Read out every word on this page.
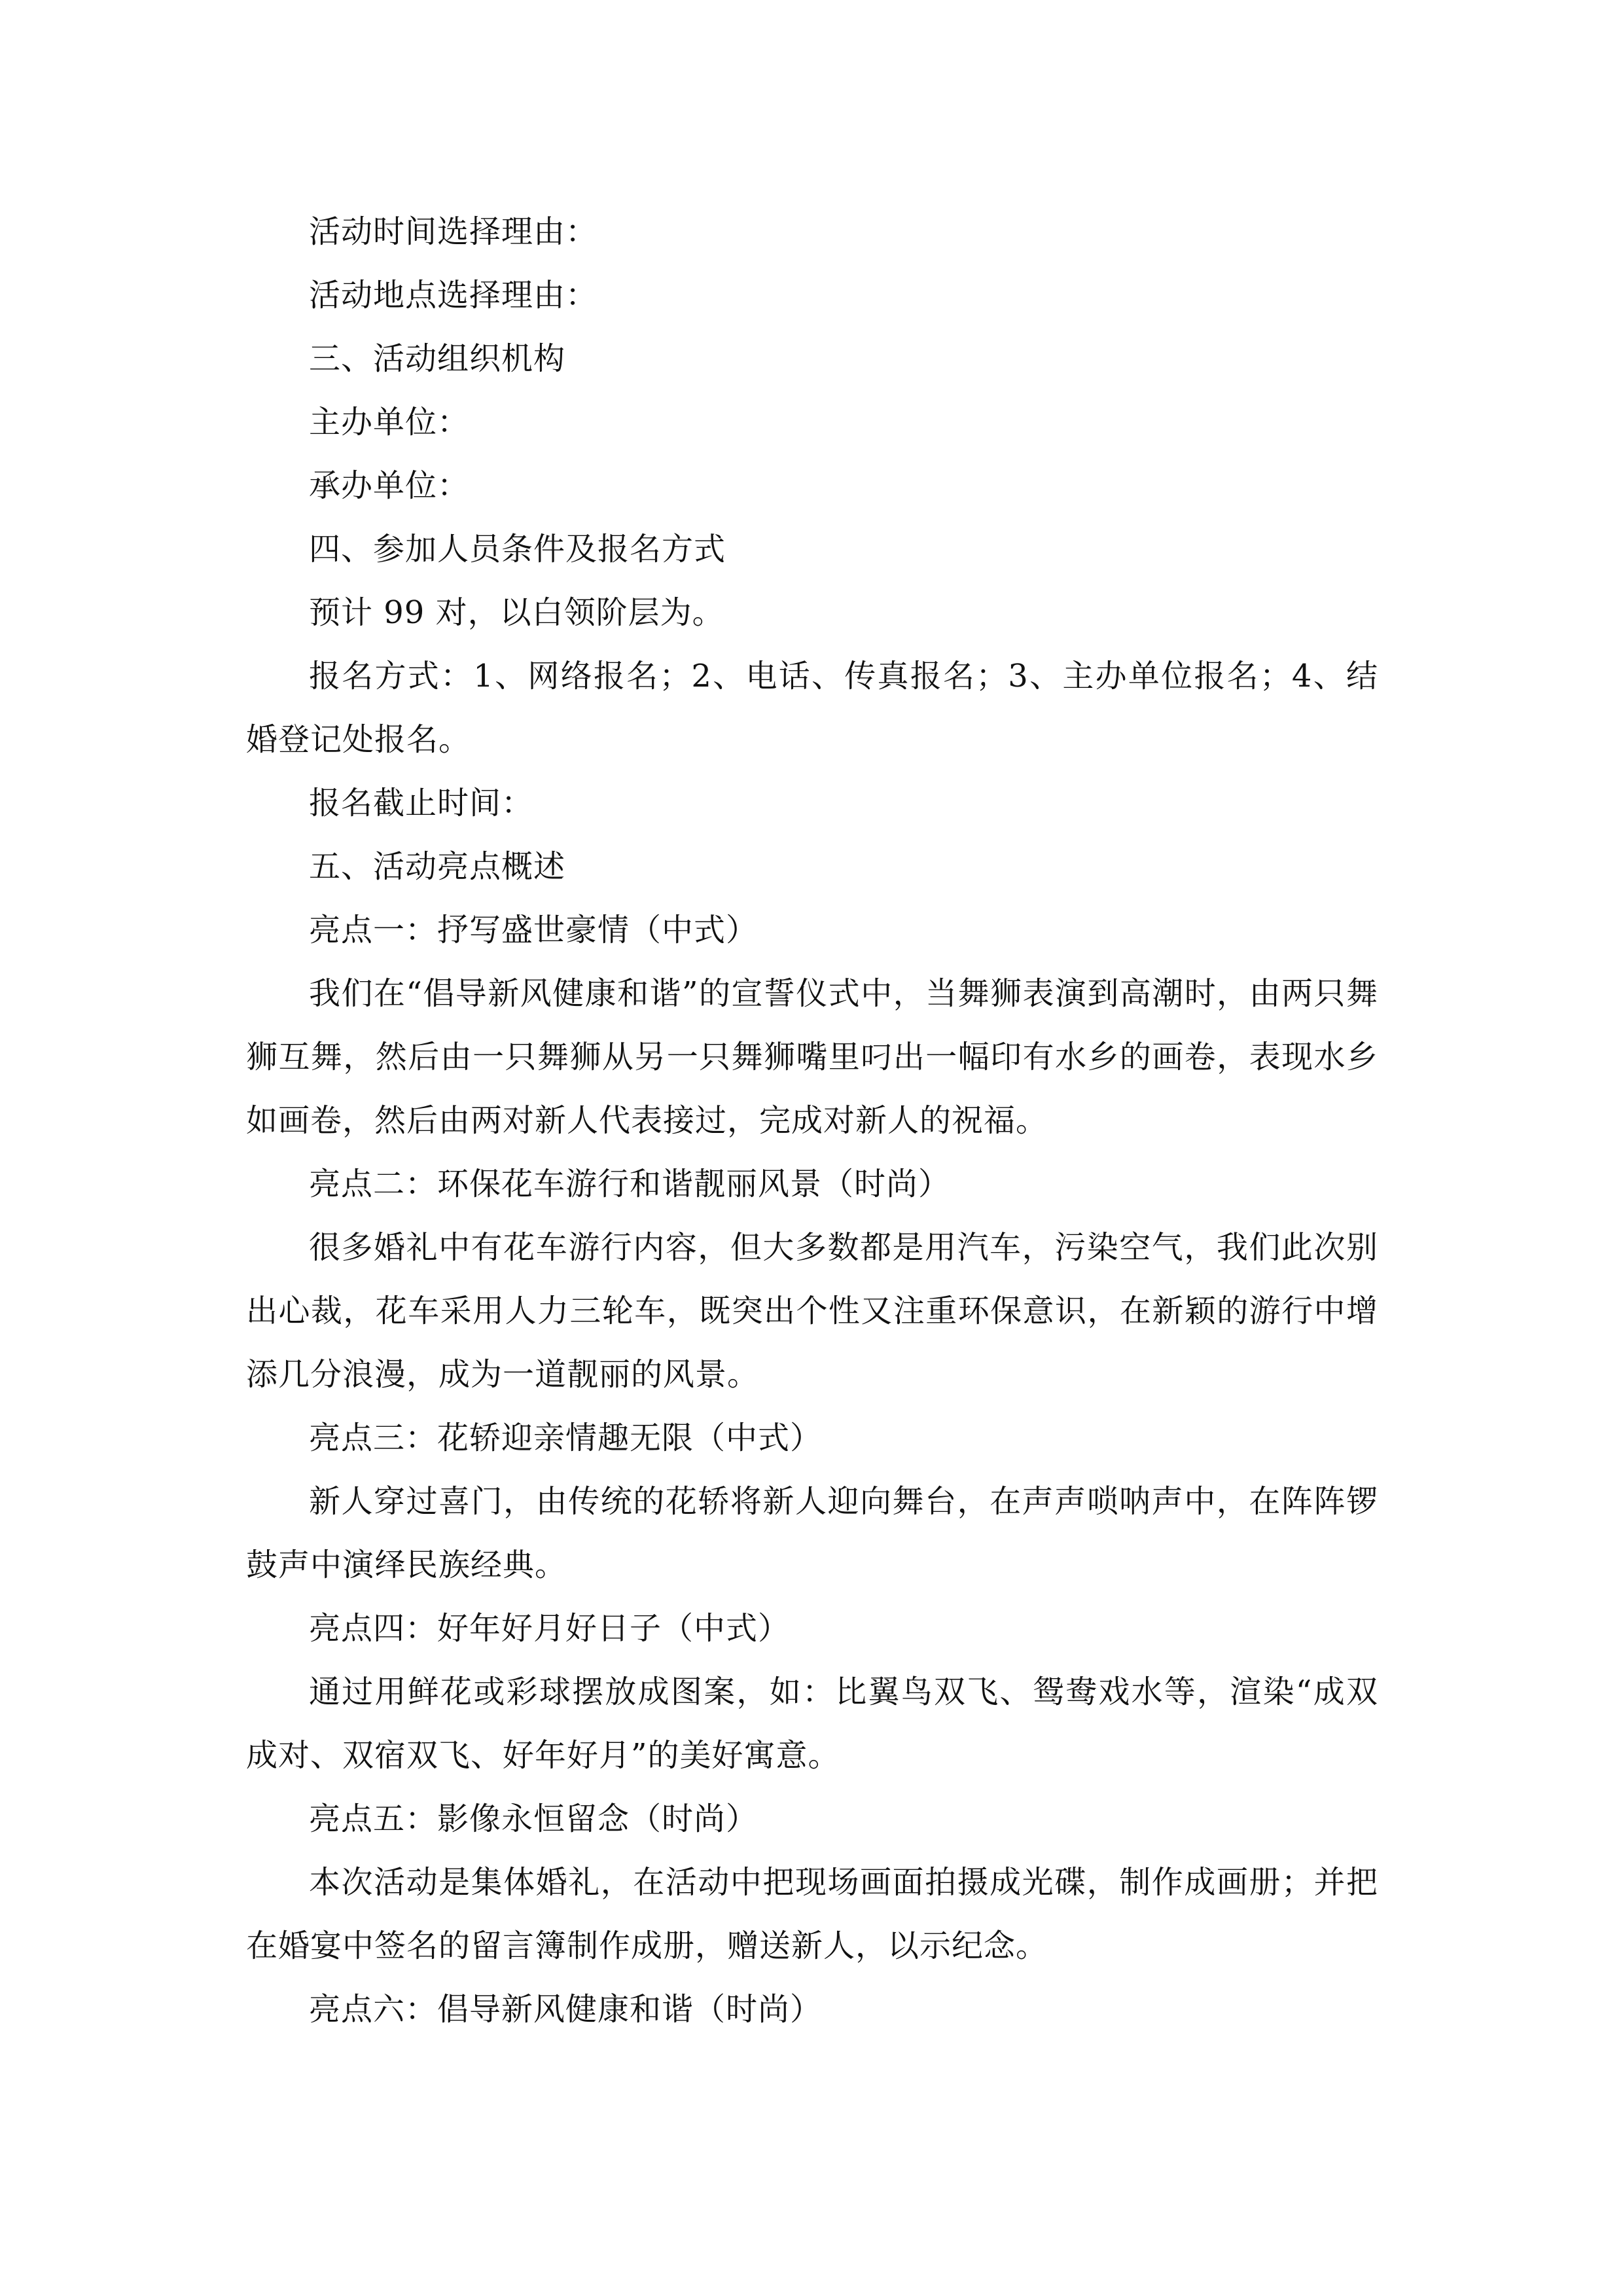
活动时间选择理由：

活动地点选择理由：

三、活动组织机构

主办单位：

承办单位：

四、参加人员条件及报名方式

预计 99 对，以白领阶层为。

报名方式：1、网络报名；2、电话、传真报名；3、主办单位报名；4、结婚登记处报名。

报名截止时间：

五、活动亮点概述

亮点一：抒写盛世豪情（中式）

我们在“倡导新风健康和谐”的宣誓仪式中，当舞狮表演到高潮时，由两只舞狮互舞，然后由一只舞狮从另一只舞狮嘴里叼出一幅印有水乡的画卷，表现水乡如画卷，然后由两对新人代表接过，完成对新人的祝福。

亮点二：环保花车游行和谐靓丽风景（时尚）

很多婚礼中有花车游行内容，但大多数都是用汽车，污染空气，我们此次别出心裁，花车采用人力三轮车，既突出个性又注重环保意识，在新颖的游行中增添几分浪漫，成为一道靓丽的风景。

亮点三：花轿迎亲情趣无限（中式）

新人穿过喜门，由传统的花轿将新人迎向舞台，在声声唢呐声中，在阵阵锣鼓声中演绎民族经典。

亮点四：好年好月好日子（中式）

通过用鲜花或彩球摆放成图案，如：比翼鸟双飞、鸳鸯戏水等，渲染“成双成对、双宿双飞、好年好月”的美好寓意。

亮点五：影像永恒留念（时尚）

本次活动是集体婚礼，在活动中把现场画面拍摄成光碟，制作成画册；并把在婚宴中签名的留言簿制作成册，赠送新人，以示纪念。

亮点六：倡导新风健康和谐（时尚）
